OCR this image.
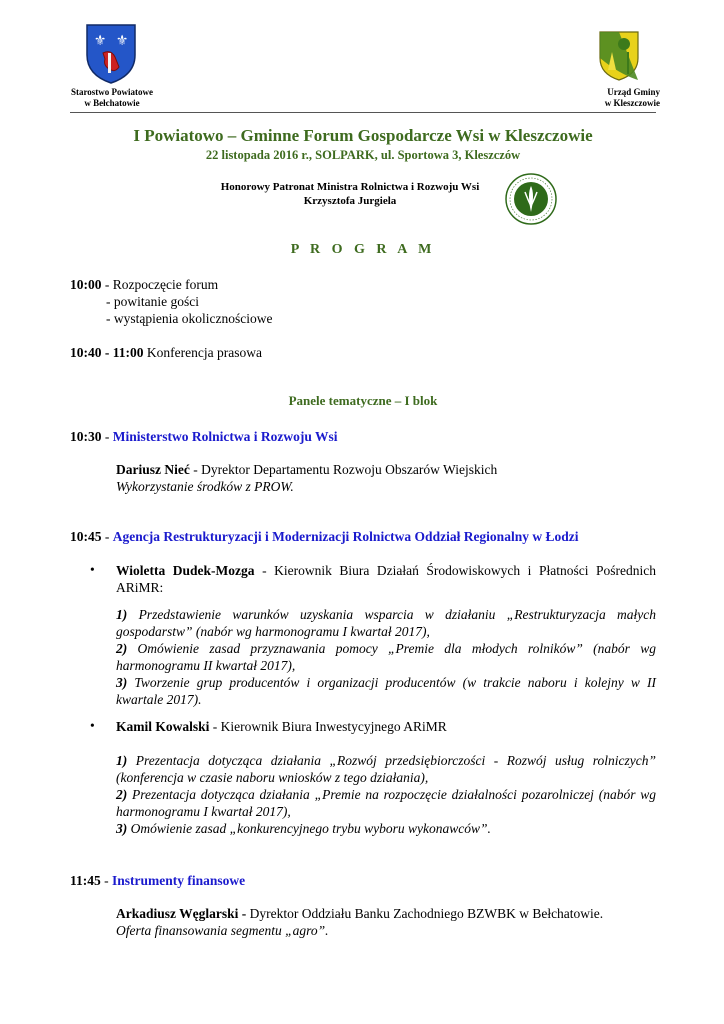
⚜ ⚜
Starostwo Powiatowe
w Bełchatowie
Urząd Gminy
w Kleszczowie
I Powiatowo – Gminne Forum Gospodarcze Wsi w Kleszczowie
22 listopada 2016 r., SOLPARK, ul. Sportowa 3, Kleszczów
Honorowy Patronat Ministra Rolnictwa i Rozwoju Wsi
Krzysztofa Jurgiela
P R O G R A M
10:00 - Rozpoczęcie forum
- powitanie gości
- wystąpienia okolicznościowe
10:40 - 11:00 Konferencja prasowa
Panele tematyczne – I blok
10:30 - Ministerstwo Rolnictwa i Rozwoju Wsi
Dariusz Nieć - Dyrektor Departamentu Rozwoju Obszarów Wiejskich
Wykorzystanie środków z PROW.
10:45 - Agencja Restrukturyzacji i Modernizacji Rolnictwa Oddział Regionalny w Łodzi
• Wioletta Dudek-Mozga - Kierownik Biura Działań Środowiskowych i Płatności Pośrednich ARiMR:
1) Przedstawienie warunków uzyskania wsparcia w działaniu „Restrukturyzacja małych gospodarstw” (nabór wg harmonogramu I kwartał 2017),
2) Omówienie zasad przyznawania pomocy „Premie dla młodych rolników” (nabór wg harmonogramu II kwartał 2017),
3) Tworzenie grup producentów i organizacji producentów (w trakcie naboru i kolejny w II kwartale 2017).
• Kamil Kowalski - Kierownik Biura Inwestycyjnego ARiMR
1) Prezentacja dotycząca działania „Rozwój przedsiębiorczości - Rozwój usług rolniczych” (konferencja w czasie naboru wniosków z tego działania),
2) Prezentacja dotycząca działania „Premie na rozpoczęcie działalności pozarolniczej (nabór wg harmonogramu I kwartał 2017),
3) Omówienie zasad „konkurencyjnego trybu wyboru wykonawców”.
11:45 - Instrumenty finansowe
Arkadiusz Węglarski - Dyrektor Oddziału Banku Zachodniego BZWBK w Bełchatowie.
Oferta finansowania segmentu „agro”.
